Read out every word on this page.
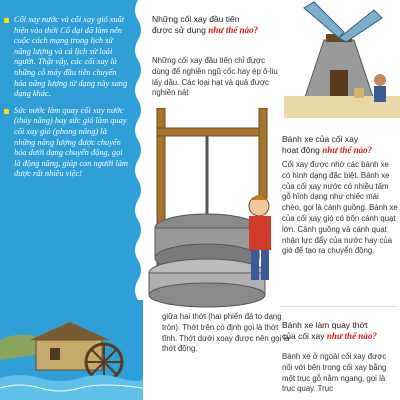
Cối xay nước và cối xay gió xuất hiện vào thời Cổ đại đã làm nên cuộc cách mạng trong lịch sử năng lượng và cả lịch sử loài người. Thật vậy, các cối xay là những cỗ máy đầu tiên chuyển hóa năng lượng từ dạng này sang dạng khác.

Sức nước làm quay cối xay nước (thủy năng) hay sức gió làm quay cối xay gió (phong năng) là những năng lượng được chuyển hóa dưới dạng chuyển động, gọi là động năng, giúp con người làm được rất nhiều việc!

Những cối xay đầu tiên
được sử dụng như thế nào?
Những cối xay đầu tiên chỉ được dùng để nghiền ngũ cốc hay ép ô-liu lấy dầu. Các loại hạt và quả được nghiền nát
giữa hai thớt (hai phiến đá to dạng tròn). Thớt trên có định gọi là thớt tĩnh. Thớt dưới xoay được nên gọi là thớt động.
Bánh xe của cối xay
hoạt động như thế nào?
Cối xay được nhờ các bánh xe có hình dạng đặc biệt. Bánh xe của cối xay nước có nhiều tấm gỗ hình dạng như chiếc mái chèo, gọi là cánh guồng. Bánh xe của cối xay gió có bốn cánh quạt lớn. Cánh guồng và cánh quạt nhận lực đẩy của nước hay của gió để tạo ra chuyển động.
Bánh xe làm quay thớt
của cối xay như thế nào?
Bánh xe ở ngoài cối xay được nối với bên trong cối xay bằng một trục gỗ nằm ngang, gọi là trục quay. Trục
